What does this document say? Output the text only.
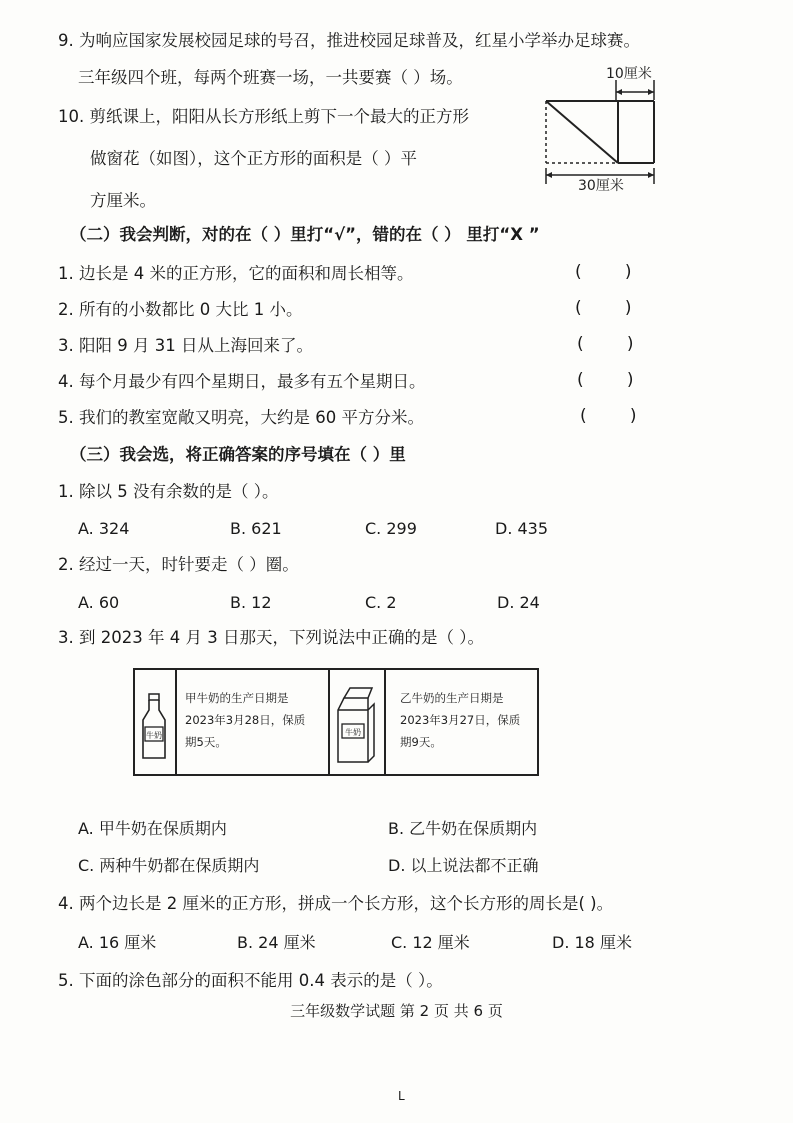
9. 为响应国家发展校园足球的号召，推进校园足球普及，红星小学举办足球赛。
三年级四个班，每两个班赛一场，一共要赛（ ）场。
10. 剪纸课上，阳阳从长方形纸上剪下一个最大的正方形
做窗花（如图），这个正方形的面积是（ ）平
方厘米。
10厘米
30厘米
（二）我会判断，对的在（ ）里打“√”，错的在（ ） 里打“X ”
1. 边长是 4 米的正方形，它的面积和周长相等。	(        )
2. 所有的小数都比 0 大比 1 小。	(        )
3. 阳阳 9 月 31 日从上海回来了。	(        )
4. 每个月最少有四个星期日，最多有五个星期日。	(        )
5. 我们的教室宽敞又明亮，大约是 60 平方分米。	(        )
（三）我会选，将正确答案的序号填在（ ）里
1. 除以 5 没有余数的是（ ）。
A. 324	B. 621	C. 299	D. 435
2. 经过一天，时针要走（ ）圈。
A. 60	B. 12	C. 2	D. 24
3. 到 2023 年 4 月 3 日那天，下列说法中正确的是（ ）。
牛奶
甲牛奶的生产日期是
2023年3月28日，保质
期5天。
牛奶
乙牛奶的生产日期是
2023年3月27日，保质
期9天。
A. 甲牛奶在保质期内	B. 乙牛奶在保质期内
C. 两种牛奶都在保质期内	D. 以上说法都不正确
4. 两个边长是 2 厘米的正方形，拼成一个长方形，这个长方形的周长是( )。
A. 16 厘米	B. 24 厘米	C. 12 厘米	D. 18 厘米
5. 下面的涂色部分的面积不能用 0.4 表示的是（ ）。
三年级数学试题 第 2 页 共 6 页
L
